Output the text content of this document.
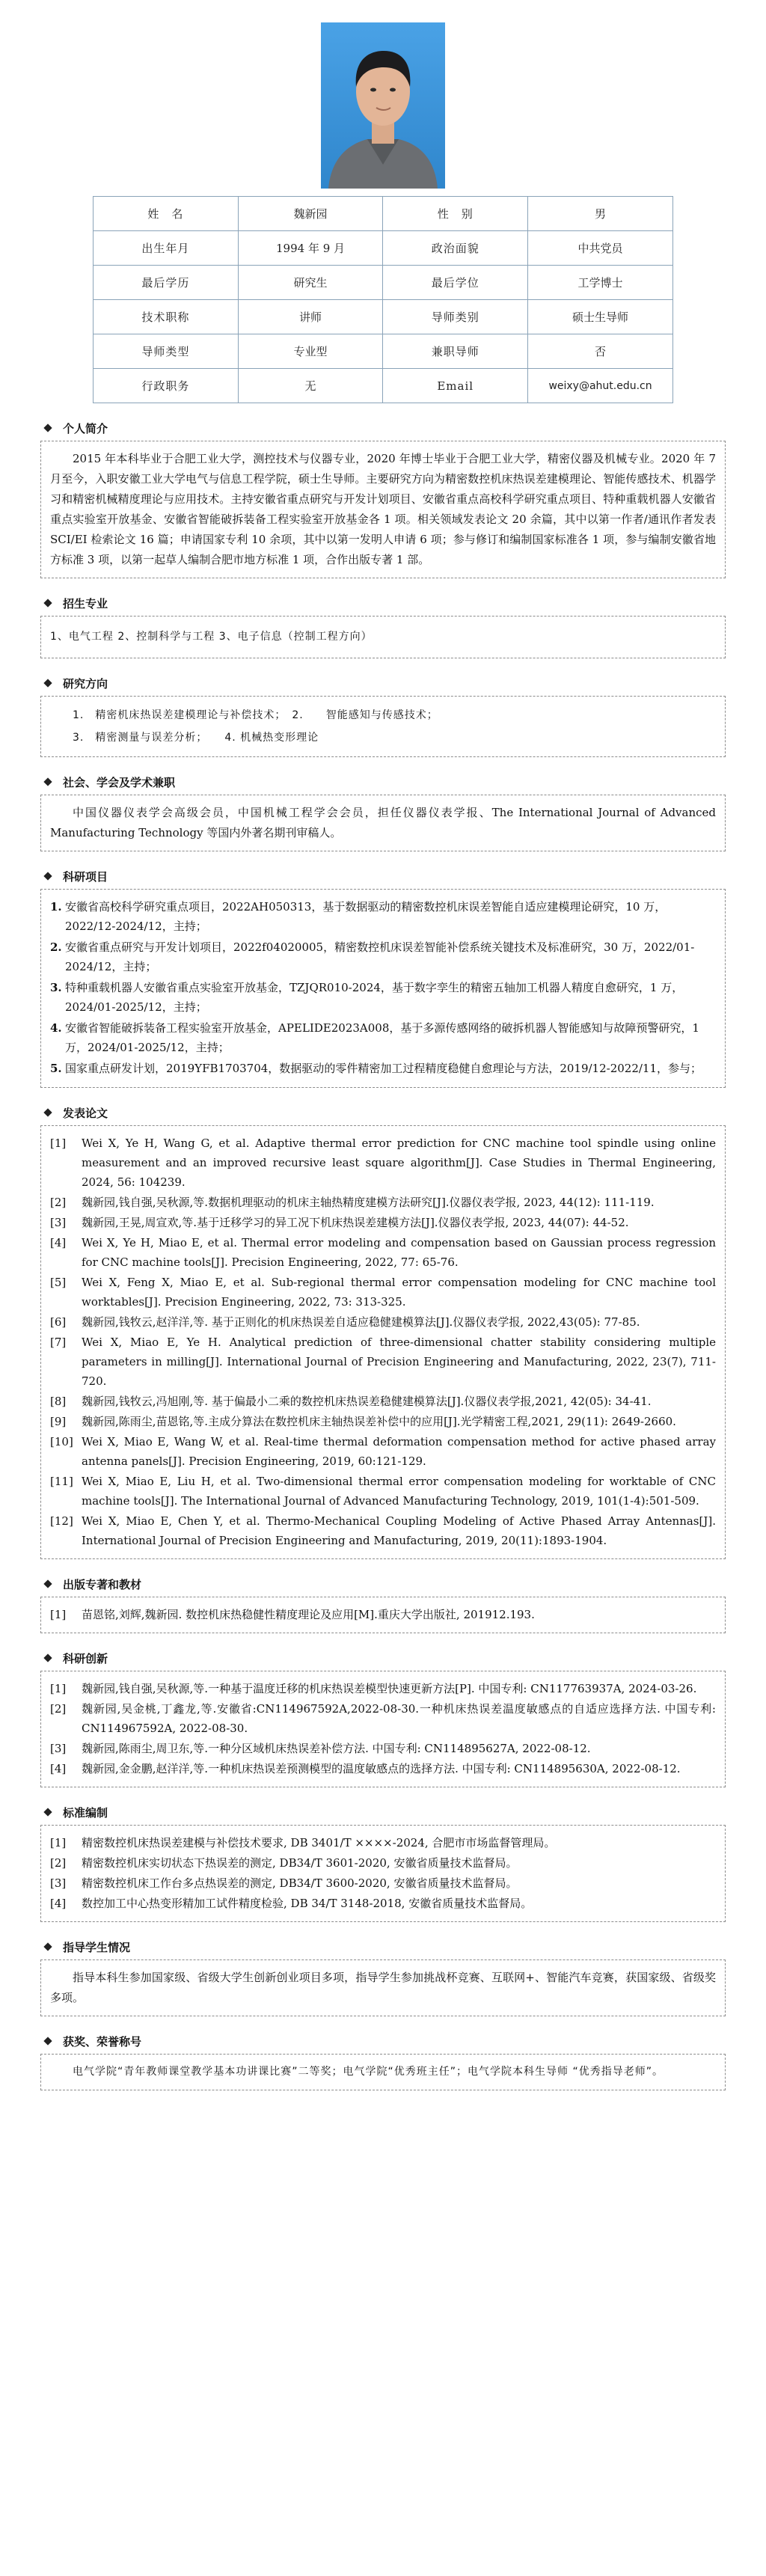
姓　名	魏新园	性　别	男
出生年月	1994 年 9 月	政治面貌	中共党员
最后学历	研究生	最后学位	工学博士
技术职称	讲师	导师类别	硕士生导师
导师类型	专业型	兼职导师	否
行政职务	无	Email	weixy@ahut.edu.cn
个人简介

2015 年本科毕业于合肥工业大学，测控技术与仪器专业，2020 年博士毕业于合肥工业大学，精密仪器及机械专业。2020 年 7 月至今，入职安徽工业大学电气与信息工程学院，硕士生导师。主要研究方向为精密数控机床热误差建模理论、智能传感技术、机器学习和精密机械精度理论与应用技术。主持安徽省重点研究与开发计划项目、安徽省重点高校科学研究重点项目、特种重载机器人安徽省重点实验室开放基金、安徽省智能破拆装备工程实验室开放基金各 1 项。相关领域发表论文 20 余篇，其中以第一作者/通讯作者发表 SCI/EI 检索论文 16 篇；申请国家专利 10 余项，其中以第一发明人申请 6 项；参与修订和编制国家标准各 1 项，参与编制安徽省地方标准 3 项，以第一起草人编制合肥市地方标准 1 项，合作出版专著 1 部。

招生专业

1、电气工程 2、控制科学与工程 3、电子信息（控制工程方向）

研究方向

1.　精密机床热误差建模理论与补偿技术；　2.　　智能感知与传感技术；

3.　精密测量与误差分析；　　4. 机械热变形理论

社会、学会及学术兼职

中国仪器仪表学会高级会员，中国机械工程学会会员，担任仪器仪表学报、The International Journal of Advanced Manufacturing Technology 等国内外著名期刊审稿人。

科研项目
1. 安徽省高校科学研究重点项目，2022AH050313，基于数据驱动的精密数控机床误差智能自适应建模理论研究，10 万，2022/12-2024/12，主持；
2. 安徽省重点研究与开发计划项目，2022f04020005，精密数控机床误差智能补偿系统关键技术及标准研究，30 万，2022/01-2024/12，主持；
3. 特种重载机器人安徽省重点实验室开放基金，TZJQR010-2024，基于数字孪生的精密五轴加工机器人精度自愈研究，1 万，2024/01-2025/12，主持；
4. 安徽省智能破拆装备工程实验室开放基金，APELIDE2023A008，基于多源传感网络的破拆机器人智能感知与故障预警研究，1 万，2024/01-2025/12，主持；
5. 国家重点研发计划，2019YFB1703704，数据驱动的零件精密加工过程精度稳健自愈理论与方法，2019/12-2022/11，参与；
发表论文
[1]	Wei X, Ye H, Wang G, et al. Adaptive thermal error prediction for CNC machine tool spindle using online measurement and an improved recursive least square algorithm[J]. Case Studies in Thermal Engineering, 2024, 56: 104239.
[2]	魏新园,钱自强,吴秋源,等.数据机理驱动的机床主轴热精度建模方法研究[J].仪器仪表学报, 2023, 44(12): 111-119.
[3]	魏新园,王晃,周宣欢,等.基于迁移学习的异工况下机床热误差建模方法[J].仪器仪表学报, 2023, 44(07): 44-52.
[4]	Wei X, Ye H, Miao E, et al. Thermal error modeling and compensation based on Gaussian process regression for CNC machine tools[J]. Precision Engineering, 2022, 77: 65-76.
[5]	Wei X, Feng X, Miao E, et al. Sub-regional thermal error compensation modeling for CNC machine tool worktables[J]. Precision Engineering, 2022, 73: 313-325.
[6]	魏新园,钱牧云,赵洋洋,等. 基于正则化的机床热误差自适应稳健建模算法[J].仪器仪表学报, 2022,43(05): 77-85.
[7]	Wei X, Miao E, Ye H. Analytical prediction of three-dimensional chatter stability considering multiple parameters in milling[J]. International Journal of Precision Engineering and Manufacturing, 2022, 23(7), 711-720.
[8]	魏新园,钱牧云,冯旭刚,等. 基于偏最小二乘的数控机床热误差稳健建模算法[J].仪器仪表学报,2021, 42(05): 34-41.
[9]	魏新园,陈雨尘,苗恩铭,等.主成分算法在数控机床主轴热误差补偿中的应用[J].光学精密工程,2021, 29(11): 2649-2660.
[10] Wei X, Miao E, Wang W, et al. Real-time thermal deformation compensation method for active phased array antenna panels[J]. Precision Engineering, 2019, 60:121-129.
[11] Wei X, Miao E, Liu H, et al. Two-dimensional thermal error compensation modeling for worktable of CNC machine tools[J]. The International Journal of Advanced Manufacturing Technology, 2019, 101(1-4):501-509.
[12] Wei X, Miao E, Chen Y, et al. Thermo-Mechanical Coupling Modeling of Active Phased Array Antennas[J]. International Journal of Precision Engineering and Manufacturing, 2019, 20(11):1893-1904.
出版专著和教材
[1]	苗恩铭,刘辉,魏新园. 数控机床热稳健性精度理论及应用[M].重庆大学出版社, 201912.193.
科研创新
[1]	魏新园,钱自强,吴秋源,等.一种基于温度迁移的机床热误差模型快速更新方法[P]. 中国专利: CN117763937A, 2024-03-26.
[2]	魏新园,吴金桃,丁鑫龙,等.安徽省:CN114967592A,2022-08-30.一种机床热误差温度敏感点的自适应选择方法. 中国专利: CN114967592A, 2022-08-30.
[3]	魏新园,陈雨尘,周卫东,等.一种分区域机床热误差补偿方法. 中国专利: CN114895627A, 2022-08-12.
[4]	魏新园,金金鹏,赵洋洋,等.一种机床热误差预测模型的温度敏感点的选择方法. 中国专利: CN114895630A, 2022-08-12.
标准编制
[1]	精密数控机床热误差建模与补偿技术要求, DB 3401/T ××××-2024, 合肥市市场监督管理局。
[2]	精密数控机床实切状态下热误差的测定, DB34/T 3601-2020, 安徽省质量技术监督局。
[3]	精密数控机床工作台多点热误差的测定, DB34/T 3600-2020, 安徽省质量技术监督局。
[4]	数控加工中心热变形精加工试件精度检验, DB 34/T 3148-2018, 安徽省质量技术监督局。
指导学生情况

指导本科生参加国家级、省级大学生创新创业项目多项，指导学生参加挑战杯竞赛、互联网+、智能汽车竞赛，获国家级、省级奖多项。

获奖、荣誉称号

电气学院“青年教师课堂教学基本功讲课比赛”二等奖；电气学院“优秀班主任”；电气学院本科生导师 “优秀指导老师”。
